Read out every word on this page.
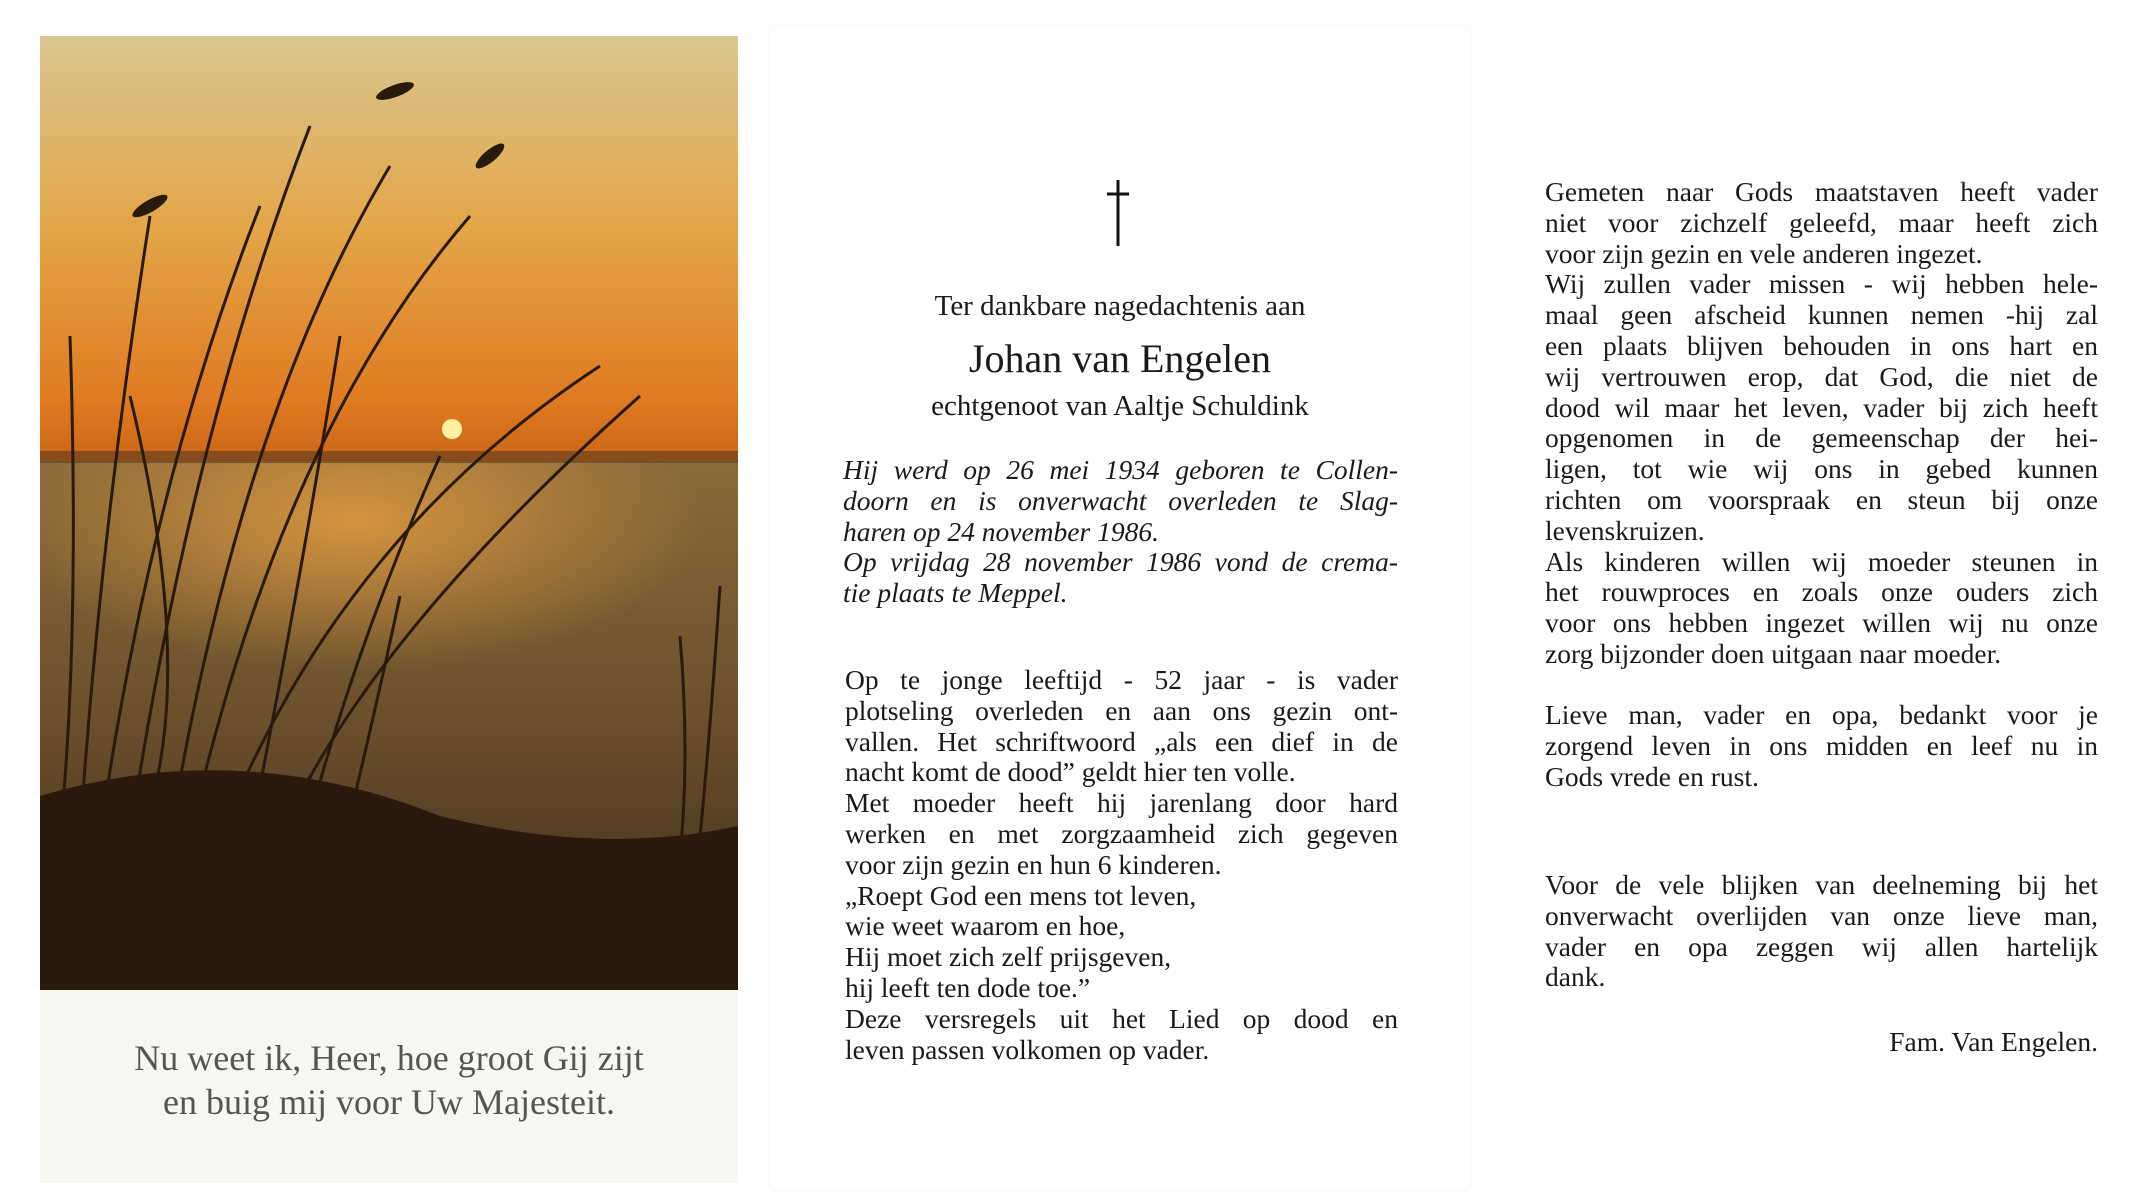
Nu weet ik, Heer, hoe groot Gij zijt
en buig mij voor Uw Majesteit.
Ter dankbare nagedachtenis aan
Johan van Engelen
echtgenoot van Aaltje Schuldink
Hij werd op 26 mei 1934 geboren te Collen-
doorn en is onverwacht overleden te Slag-
haren op 24 november 1986.
Op vrijdag 28 november 1986 vond de crema-
tie plaats te Meppel.
Op te jonge leeftijd - 52 jaar - is vader
plotseling overleden en aan ons gezin ont-
vallen. Het schriftwoord „als een dief in de
nacht komt de dood” geldt hier ten volle.
Met moeder heeft hij jarenlang door hard
werken en met zorgzaamheid zich gegeven
voor zijn gezin en hun 6 kinderen.
„Roept God een mens tot leven,
wie weet waarom en hoe,
Hij moet zich zelf prijsgeven,
hij leeft ten dode toe.”
Deze versregels uit het Lied op dood en
leven passen volkomen op vader.
Gemeten naar Gods maatstaven heeft vader
niet voor zichzelf geleefd, maar heeft zich
voor zijn gezin en vele anderen ingezet.
Wij zullen vader missen - wij hebben hele-
maal geen afscheid kunnen nemen -hij zal
een plaats blijven behouden in ons hart en
wij vertrouwen erop, dat God, die niet de
dood wil maar het leven, vader bij zich heeft
opgenomen in de gemeenschap der hei-
ligen, tot wie wij ons in gebed kunnen
richten om voorspraak en steun bij onze
levenskruizen.
Als kinderen willen wij moeder steunen in
het rouwproces en zoals onze ouders zich
voor ons hebben ingezet willen wij nu onze
zorg bijzonder doen uitgaan naar moeder.
Lieve man, vader en opa, bedankt voor je
zorgend leven in ons midden en leef nu in
Gods vrede en rust.
Voor de vele blijken van deelneming bij het
onverwacht overlijden van onze lieve man,
vader en opa zeggen wij allen hartelijk
dank.
Fam. Van Engelen.
